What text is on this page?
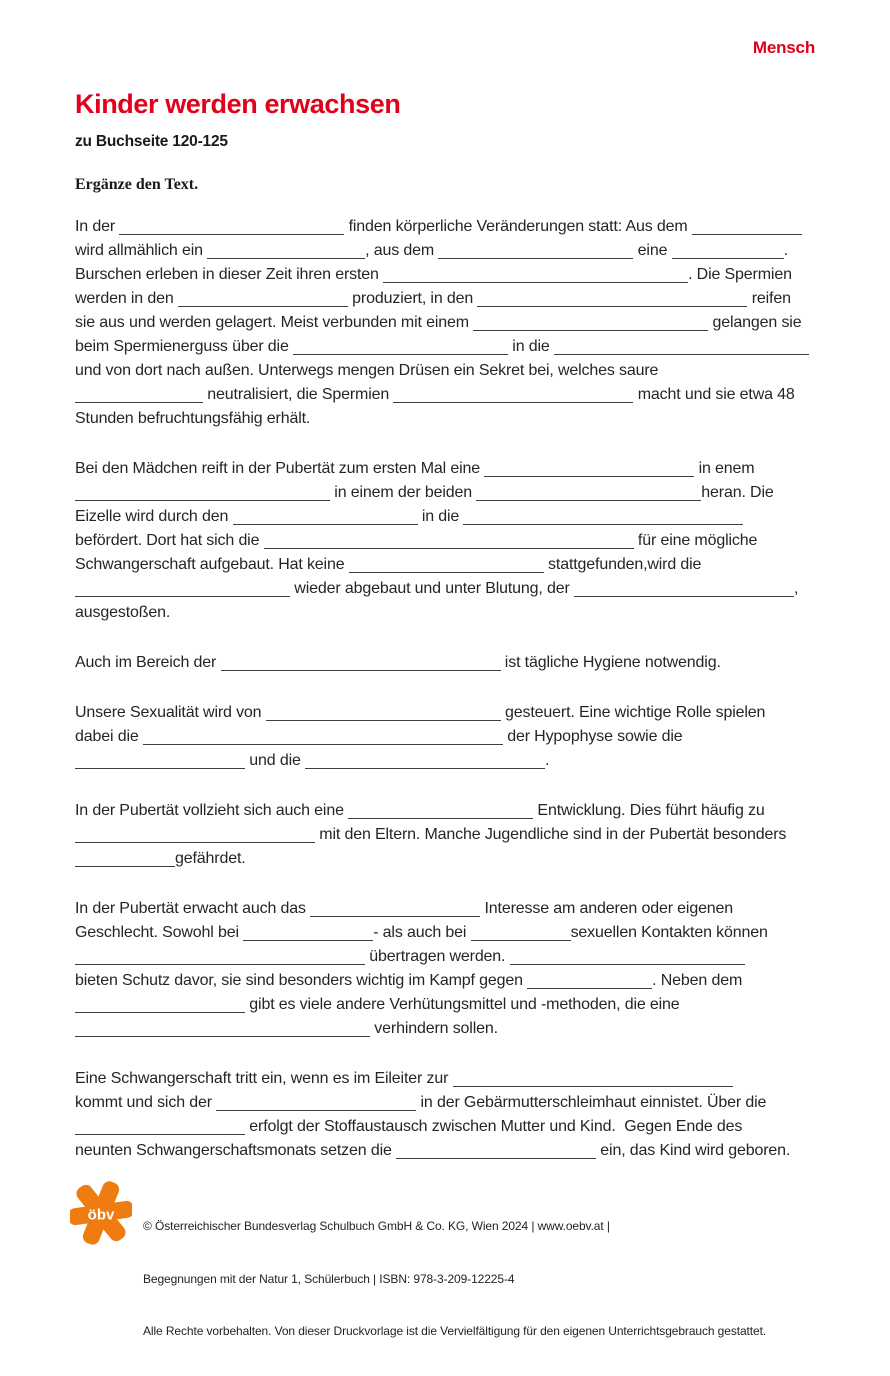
Mensch
Kinder werden erwachsen
zu Buchseite 120-125
Ergänze den Text.
In der	finden körperliche Veränderungen statt: Aus dem
wird allmählich ein	, aus dem	eine	.
Burschen erleben in dieser Zeit ihren ersten	. Die Spermien
werden in den	produziert, in den	reifen
sie aus und werden gelagert. Meist verbunden mit einem	gelangen sie
beim Spermienerguss über die	in die
und von dort nach außen. Unterwegs mengen Drüsen ein Sekret bei, welches saure
neutralisiert, die Spermien	macht und sie etwa 48
Stunden befruchtungsfähig erhält.
Bei den Mädchen reift in der Pubertät zum ersten Mal eine	in enem
in einem der beiden	heran. Die
Eizelle wird durch den	in die
befördert. Dort hat sich die	für eine mögliche
Schwangerschaft aufgebaut. Hat keine	stattgefunden,wird die
wieder abgebaut und unter Blutung, der	,
ausgestoßen.
Auch im Bereich der	ist tägliche Hygiene notwendig.
Unsere Sexualität wird von	gesteuert. Eine wichtige Rolle spielen
dabei die	der Hypophyse sowie die
und die	.
In der Pubertät vollzieht sich auch eine	Entwicklung. Dies führt häufig zu
mit den Eltern. Manche Jugendliche sind in der Pubertät besonders
gefährdet.
In der Pubertät erwacht auch das	Interesse am anderen oder eigenen
Geschlecht. Sowohl bei	- als auch bei	sexuellen Kontakten können
übertragen werden.
bieten Schutz davor, sie sind besonders wichtig im Kampf gegen	. Neben dem
gibt es viele andere Verhütungsmittel und -methoden, die eine
verhindern sollen.
Eine Schwangerschaft tritt ein, wenn es im Eileiter zur
kommt und sich der	in der Gebärmutterschleimhaut einnistet. Über die
erfolgt der Stoffaustausch zwischen Mutter und Kind.  Gegen Ende des
neunten Schwangerschaftsmonats setzen die	ein, das Kind wird geboren.
öbv

© Österreichischer Bundesverlag Schulbuch GmbH & Co. KG, Wien 2024 | www.oebv.at |

Begegnungen mit der Natur 1, Schülerbuch | ISBN: 978-3-209-12225-4

Alle Rechte vorbehalten. Von dieser Druckvorlage ist die Vervielfältigung für den eigenen Unterrichtsgebrauch gestattet.
